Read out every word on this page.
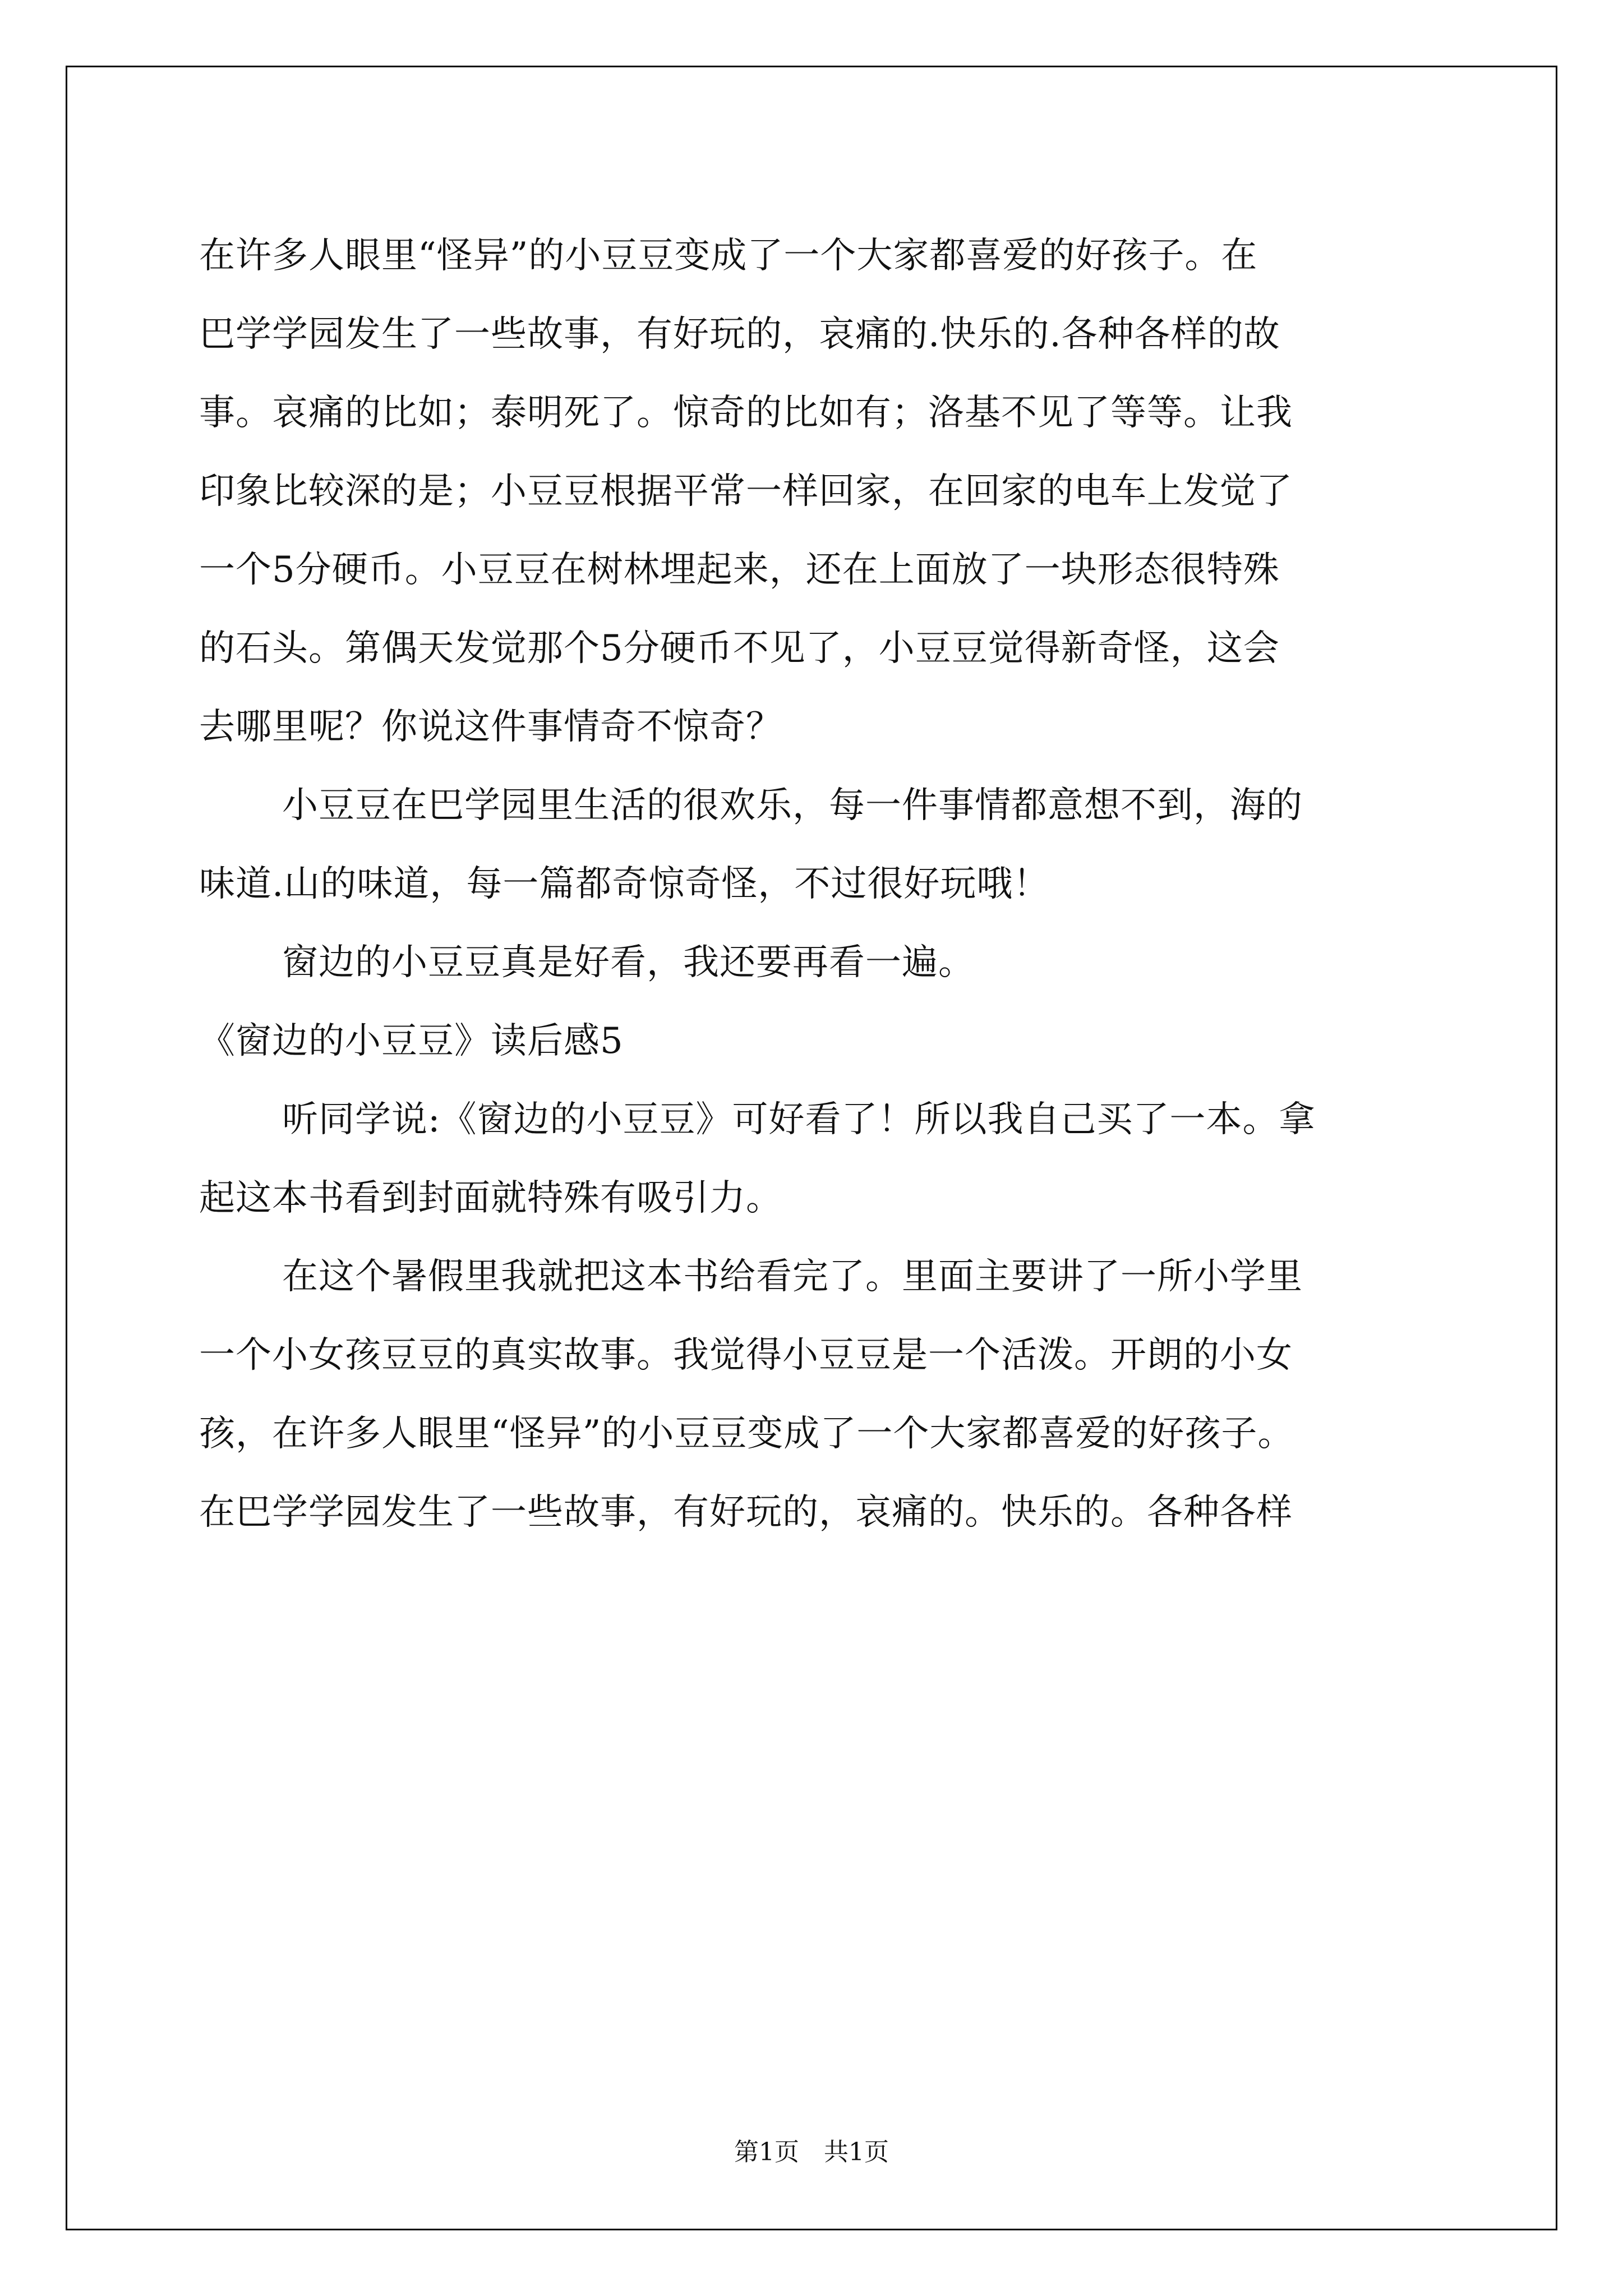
在许多人眼里“怪异”的小豆豆变成了一个大家都喜爱的好孩子。在
巴学学园发生了一些故事，有好玩的，哀痛的.快乐的.各种各样的故
事。哀痛的比如；泰明死了。惊奇的比如有；洛基不见了等等。让我
印象比较深的是；小豆豆根据平常一样回家，在回家的电车上发觉了
一个5分硬币。小豆豆在树林埋起来，还在上面放了一块形态很特殊
的石头。第偶天发觉那个5分硬币不见了，小豆豆觉得新奇怪，这会
去哪里呢？你说这件事情奇不惊奇？
小豆豆在巴学园里生活的很欢乐，每一件事情都意想不到，海的
味道.山的味道，每一篇都奇惊奇怪，不过很好玩哦！
窗边的小豆豆真是好看，我还要再看一遍。
《窗边的小豆豆》读后感5
听同学说:《窗边的小豆豆》可好看了！所以我自己买了一本。拿
起这本书看到封面就特殊有吸引力。
在这个暑假里我就把这本书给看完了。里面主要讲了一所小学里
一个小女孩豆豆的真实故事。我觉得小豆豆是一个活泼。开朗的小女
孩，在许多人眼里“怪异”的小豆豆变成了一个大家都喜爱的好孩子。
在巴学学园发生了一些故事，有好玩的，哀痛的。快乐的。各种各样
第1页　共1页
